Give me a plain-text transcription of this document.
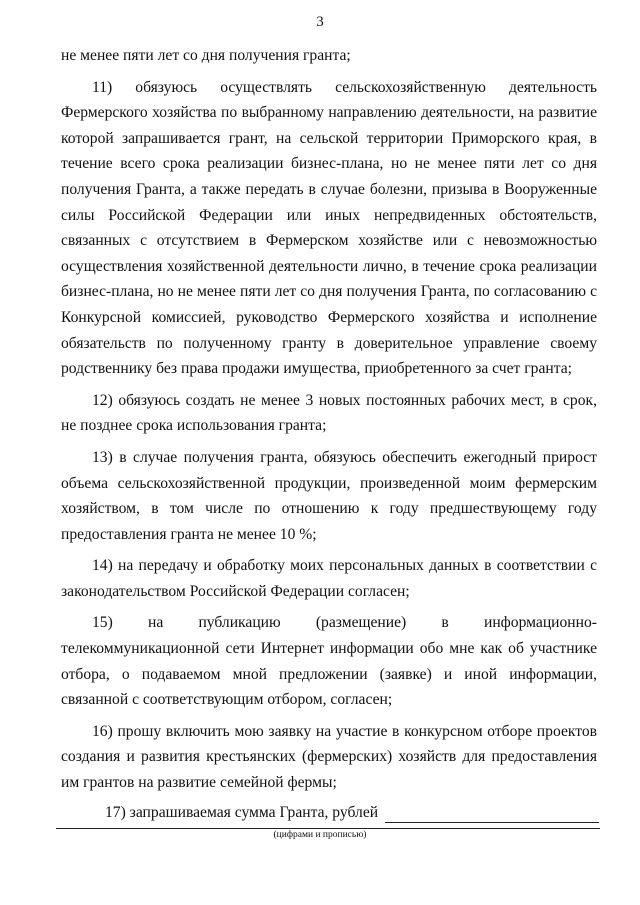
3

не менее пяти лет со дня получения гранта;

11) обязуюсь осуществлять сельскохозяйственную деятельность Фермерского хозяйства по выбранному направлению деятельности, на развитие которой запрашивается грант, на сельской территории Приморского края, в течение всего срока реализации бизнес-плана, но не менее пяти лет со дня получения Гранта, а также передать в случае болезни, призыва в Вооруженные силы Российской Федерации или иных непредвиденных обстоятельств, связанных с отсутствием в Фермерском хозяйстве или с невозможностью осуществления хозяйственной деятельности лично, в течение срока реализации бизнес-плана, но не менее пяти лет со дня получения Гранта, по согласованию с Конкурсной комиссией, руководство Фермерского хозяйства и исполнение обязательств по полученному гранту в доверительное управление своему родственнику без права продажи имущества, приобретенного за счет гранта;

12) обязуюсь создать не менее 3 новых постоянных рабочих мест, в срок, не позднее срока использования гранта;

13) в случае получения гранта, обязуюсь обеспечить ежегодный прирост объема сельскохозяйственной продукции, произведенной моим фермерским хозяйством, в том числе по отношению к году предшествующему году предоставления гранта не менее 10 %;

14) на передачу и обработку моих персональных данных в соответствии с законодательством Российской Федерации согласен;

15) на публикацию (размещение) в информационно-телекоммуникационной сети Интернет информации обо мне как об участнике отбора, о подаваемом мной предложении (заявке) и иной информации, связанной с соответствующим отбором, согласен;

16) прошу включить мою заявку на участие в конкурсном отборе проектов создания и развития крестьянских (фермерских) хозяйств для предоставления им грантов на развитие семейной фермы;

17) запрашиваемая сумма Гранта, рублей
(цифрами и прописью)
